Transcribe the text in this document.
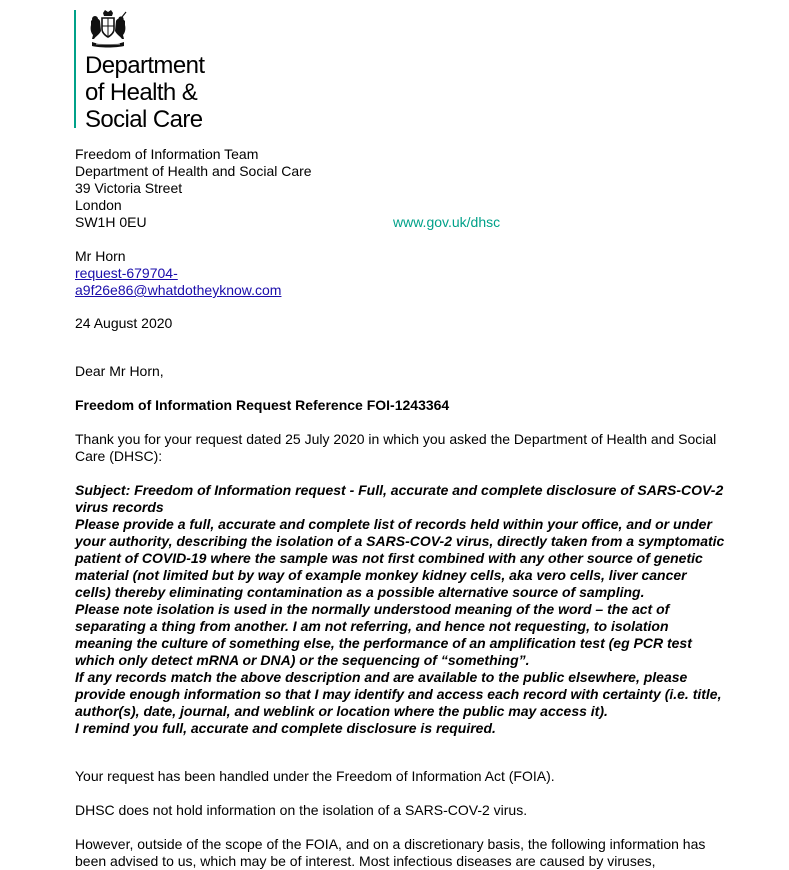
Department
of Health &
Social Care
Freedom of Information Team
Department of Health and Social Care
39 Victoria Street
London
SW1H 0EU	www.gov.uk/dhsc
Mr Horn
request-679704-
a9f26e86@whatdotheyknow.com
24 August 2020
Dear Mr Horn,
Freedom of Information Request Reference FOI-1243364
Thank you for your request dated 25 July 2020 in which you asked the Department of Health and Social Care (DHSC):
Subject: Freedom of Information request - Full, accurate and complete disclosure of SARS-COV-2 virus records
Please provide a full, accurate and complete list of records held within your office, and or under your authority, describing the isolation of a SARS-COV-2 virus, directly taken from a symptomatic patient of COVID-19 where the sample was not first combined with any other source of genetic material (not limited but by way of example monkey kidney cells, aka vero cells, liver cancer cells) thereby eliminating contamination as a possible alternative source of sampling.
Please note isolation is used in the normally understood meaning of the word – the act of separating a thing from another. I am not referring, and hence not requesting, to isolation meaning the culture of something else, the performance of an amplification test (eg PCR test which only detect mRNA or DNA) or the sequencing of “something”.
If any records match the above description and are available to the public elsewhere, please provide enough information so that I may identify and access each record with certainty (i.e. title, author(s), date, journal, and weblink or location where the public may access it).
I remind you full, accurate and complete disclosure is required.
Your request has been handled under the Freedom of Information Act (FOIA).
DHSC does not hold information on the isolation of a SARS-COV-2 virus.
However, outside of the scope of the FOIA, and on a discretionary basis, the following information has been advised to us, which may be of interest. Most infectious diseases are caused by viruses,
